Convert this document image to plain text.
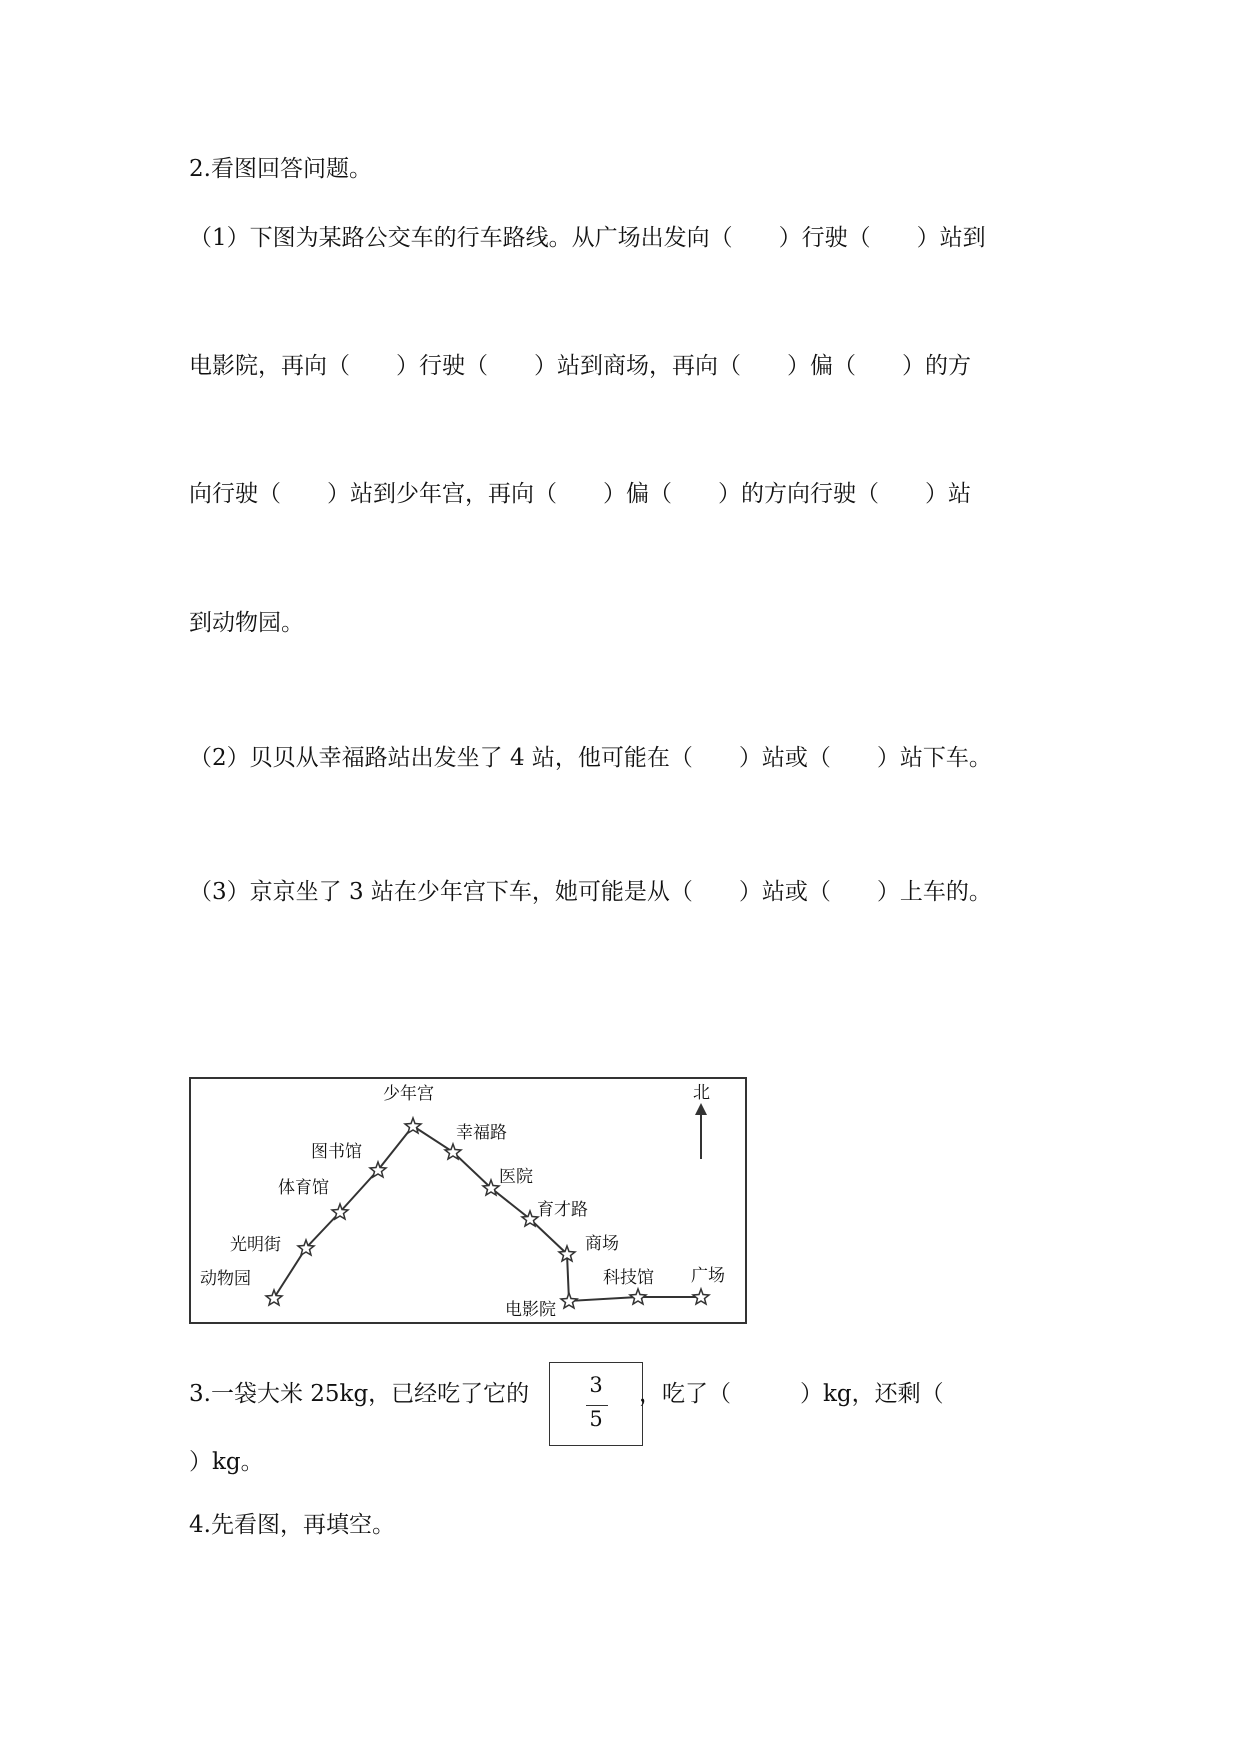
2.看图回答问题。
（1）下图为某路公交车的行车路线。从广场出发向（　　）行驶（　　）站到
电影院，再向（　　）行驶（　　）站到商场，再向（　　）偏（　　）的方
向行驶（　　）站到少年宫，再向（　　）偏（　　）的方向行驶（　　）站
到动物园。
（2）贝贝从幸福路站出发坐了 4 站，他可能在（　　）站或（　　）站下车。
（3）京京坐了 3 站在少年宫下车，她可能是从（　　）站或（　　）上车的。
北
少年宫
图书馆
体育馆
光明街
动物园
幸福路
医院
育才路
商场
电影院
科技馆 广场
3.一袋大米 25kg，已经吃了它的	3
5
，吃了（　　　）kg，还剩（
）kg。
4.先看图，再填空。
